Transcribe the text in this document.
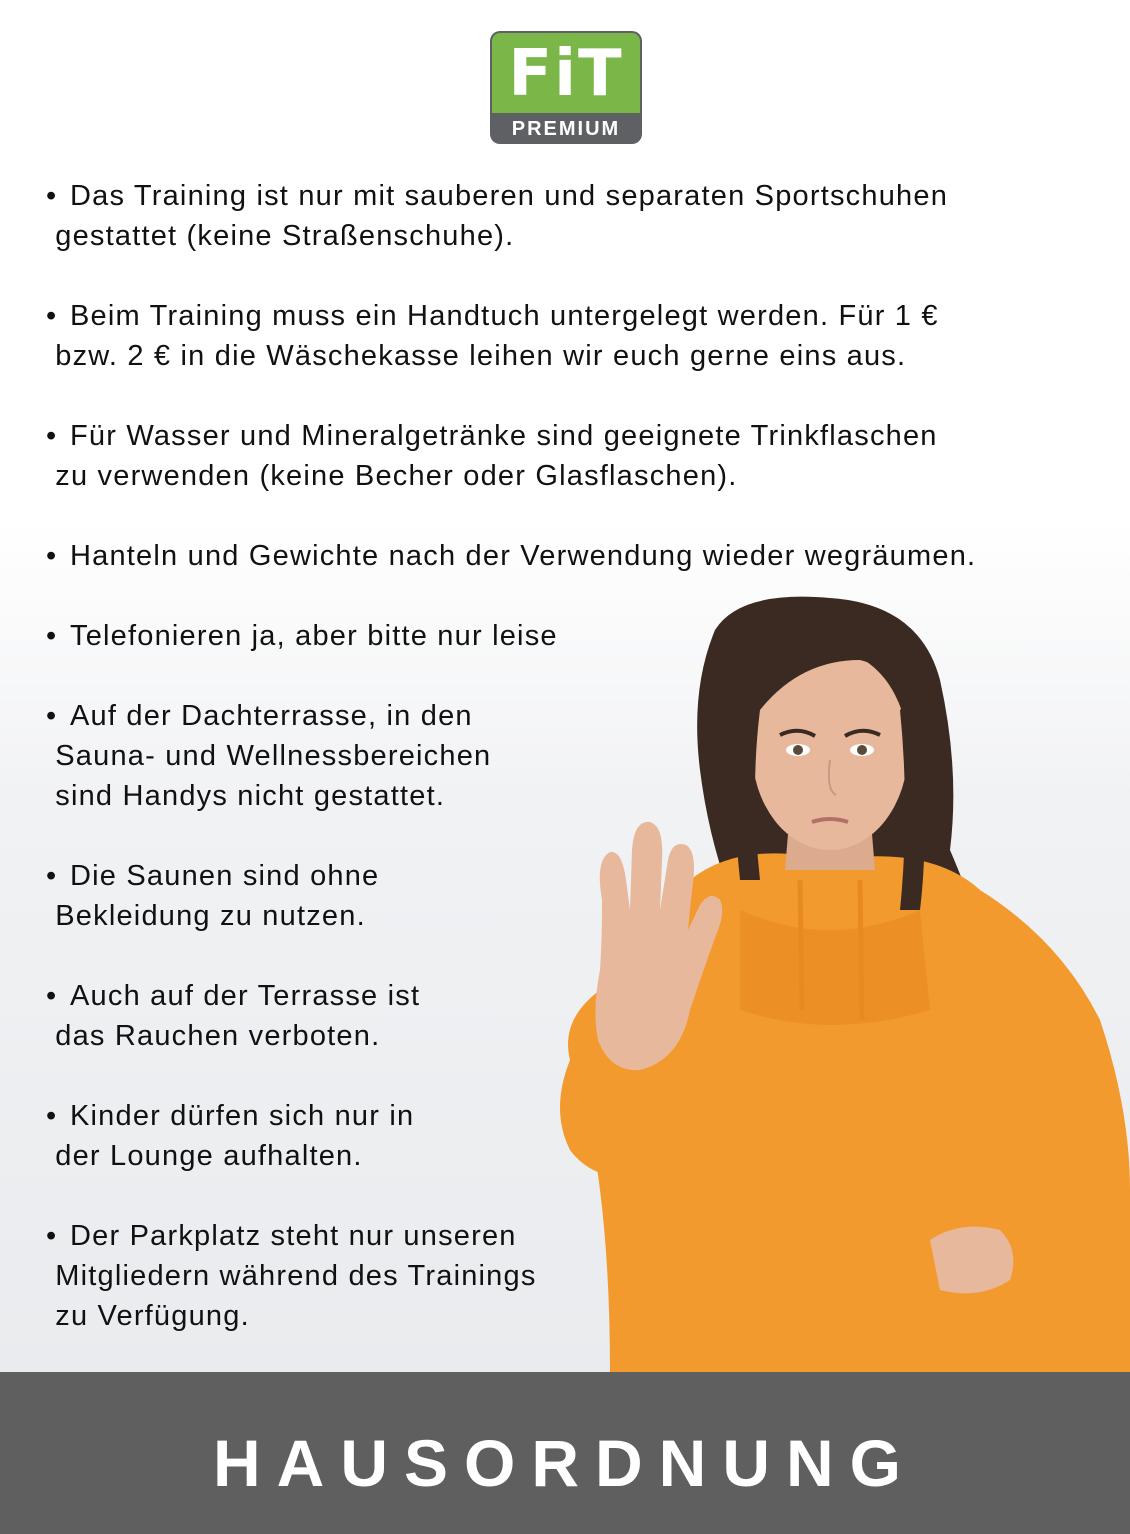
FiT
PREMIUM
• Das Training ist nur mit sauberen und separaten Sportschuhen
gestattet (keine Straßenschuhe).
• Beim Training muss ein Handtuch untergelegt werden. Für 1 €
bzw. 2 € in die Wäschekasse leihen wir euch gerne eins aus.
• Für Wasser und Mineralgetränke sind geeignete Trinkflaschen
zu verwenden (keine Becher oder Glasflaschen).
• Hanteln und Gewichte nach der Verwendung wieder wegräumen.
• Telefonieren ja, aber bitte nur leise
• Auf der Dachterrasse, in den
Sauna- und Wellnessbereichen
sind Handys nicht gestattet.
• Die Saunen sind ohne
Bekleidung zu nutzen.
• Auch auf der Terrasse ist
das Rauchen verboten.
• Kinder dürfen sich nur in
der Lounge aufhalten.
• Der Parkplatz steht nur unseren
Mitgliedern während des Trainings
zu Verfügung.
HAUSORDNUNG
